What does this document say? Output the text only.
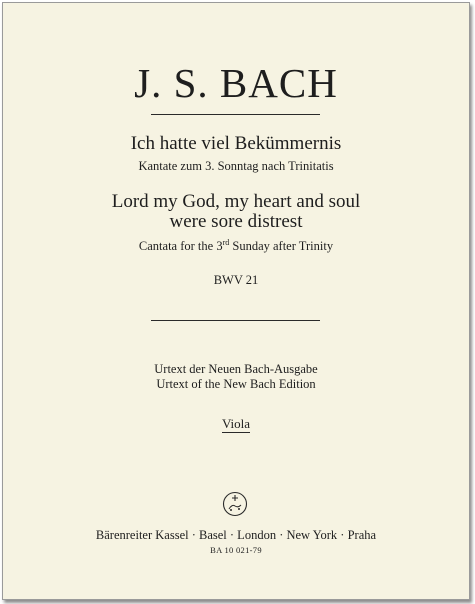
J. S. BACH
Ich hatte viel Bekümmernis
Kantate zum 3. Sonntag nach Trinitatis
Lord my God, my heart and soul
were sore distrest
Cantata for the 3rd Sunday after Trinity
BWV 21
Urtext der Neuen Bach-Ausgabe
Urtext of the New Bach Edition
Viola
Bärenreiter Kassel · Basel · London · New York · Praha
BA 10 021-79
